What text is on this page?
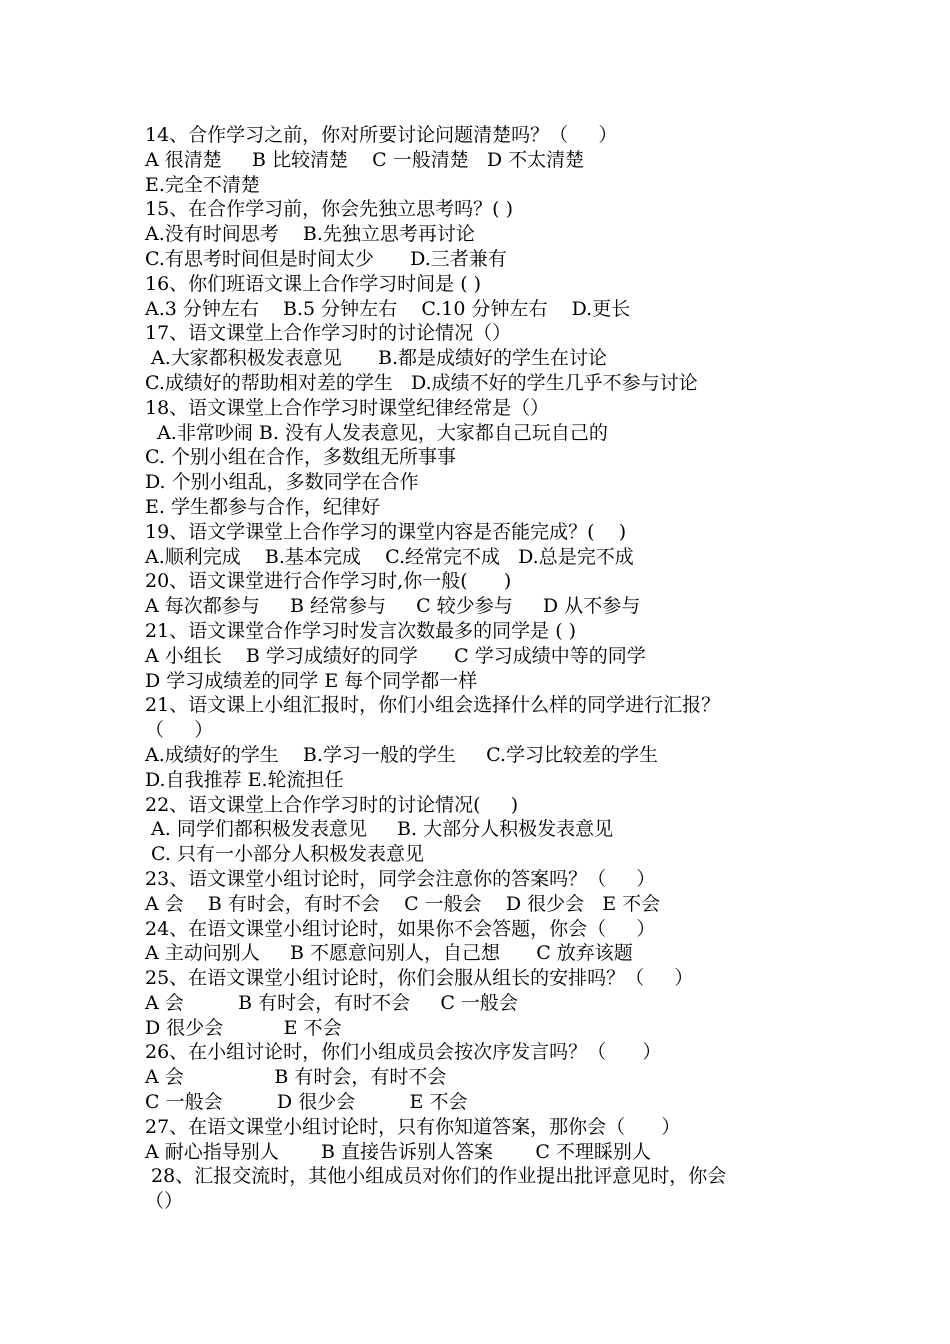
14、合作学习之前，你对所要讨论问题清楚吗？（     ）
A 很清楚     B 比较清楚    C 一般清楚   D 不太清楚
E.完全不清楚
15、在合作学习前，你会先独立思考吗？( )
A.没有时间思考    B.先独立思考再讨论
C.有思考时间但是时间太少      D.三者兼有
16、你们班语文课上合作学习时间是 ( )
A.3 分钟左右    B.5 分钟左右    C.10 分钟左右    D.更长
17、语文课堂上合作学习时的讨论情况（）
A.大家都积极发表意见      B.都是成绩好的学生在讨论
C.成绩好的帮助相对差的学生   D.成绩不好的学生几乎不参与讨论
18、语文课堂上合作学习时课堂纪律经常是（）
A.非常吵闹 B. 没有人发表意见，大家都自己玩自己的
C. 个别小组在合作，多数组无所事事
D. 个别小组乱，多数同学在合作
E. 学生都参与合作，纪律好
19、语文学课堂上合作学习的课堂内容是否能完成？(    )
A.顺利完成    B.基本完成    C.经常完不成   D.总是完不成
20、语文课堂进行合作学习时,你一般(      )
A 每次都参与     B 经常参与     C 较少参与     D 从不参与
21、语文课堂合作学习时发言次数最多的同学是 ( )
A 小组长    B 学习成绩好的同学      C 学习成绩中等的同学
D 学习成绩差的同学 E 每个同学都一样
21、语文课上小组汇报时，你们小组会选择什么样的同学进行汇报？
（     ）
A.成绩好的学生    B.学习一般的学生     C.学习比较差的学生
D.自我推荐 E.轮流担任
22、语文课堂上合作学习时的讨论情况(     )
A. 同学们都积极发表意见     B. 大部分人积极发表意见
C. 只有一小部分人积极发表意见
23、语文课堂小组讨论时，同学会注意你的答案吗？（     ）
A 会    B 有时会，有时不会    C 一般会    D 很少会   E 不会
24、在语文课堂小组讨论时，如果你不会答题，你会（     ）
A 主动问别人     B 不愿意问别人，自己想      C 放弃该题
25、在语文课堂小组讨论时，你们会服从组长的安排吗？（     ）
A 会         B 有时会，有时不会     C 一般会
D 很少会          E 不会
26、在小组讨论时，你们小组成员会按次序发言吗？（      ）
A 会               B 有时会，有时不会
C 一般会         D 很少会         E 不会
27、在语文课堂小组讨论时，只有你知道答案，那你会（      ）
A 耐心指导别人       B 直接告诉别人答案       C 不理睬别人
28、汇报交流时，其他小组成员对你们的作业提出批评意见时，你会
（）
